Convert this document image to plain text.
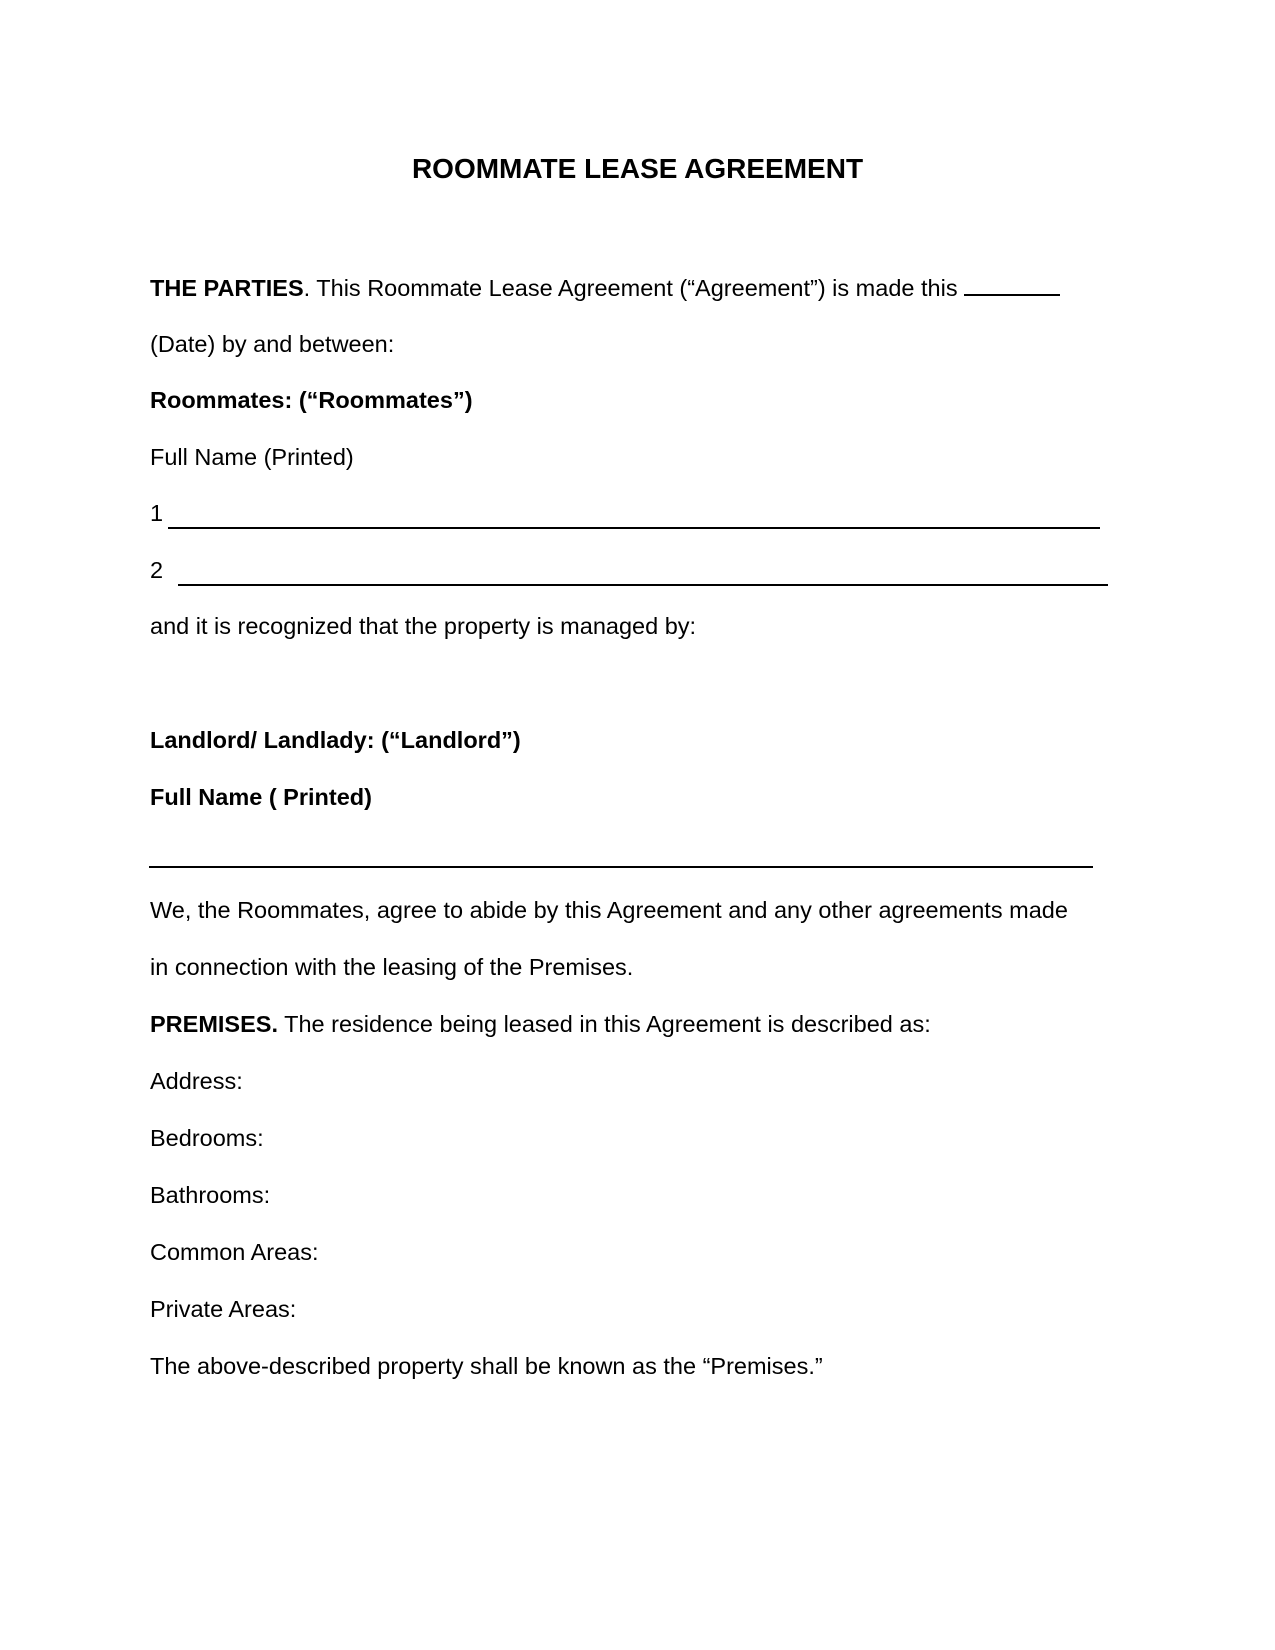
ROOMMATE LEASE AGREEMENT
THE PARTIES. This Roommate Lease Agreement (“Agreement”) is made this
(Date) by and between:
Roommates: (“Roommates”)
Full Name (Printed)
1
2
and it is recognized that the property is managed by:
Landlord/ Landlady: (“Landlord”)
Full Name ( Printed)
We, the Roommates, agree to abide by this Agreement and any other agreements made
in connection with the leasing of the Premises.
PREMISES. The residence being leased in this Agreement is described as:
Address:
Bedrooms:
Bathrooms:
Common Areas:
Private Areas:
The above-described property shall be known as the “Premises.”
